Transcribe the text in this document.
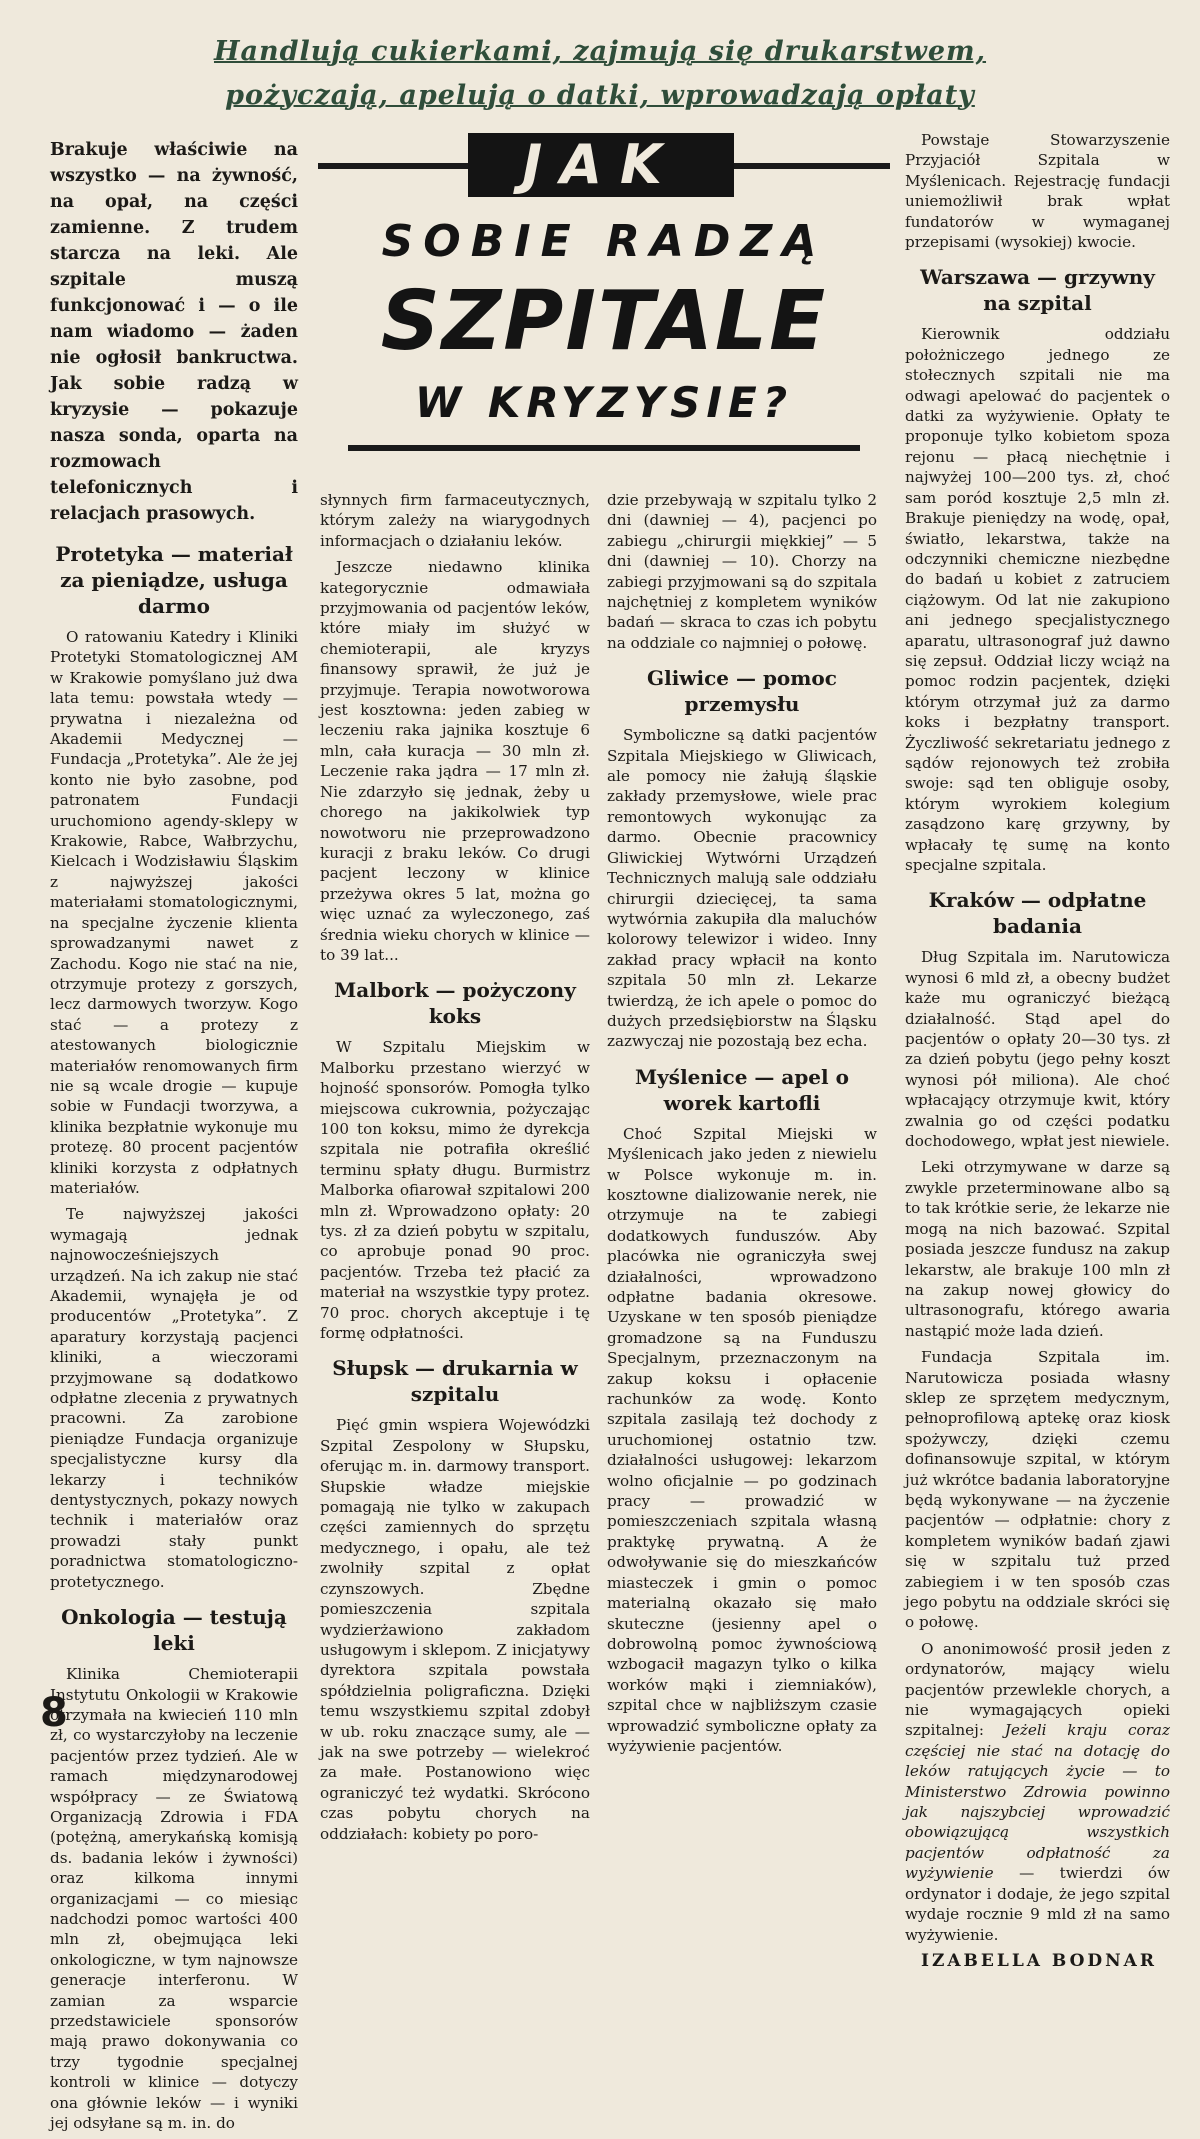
Handlują cukierkami, zajmują się drukarstwem,
pożyczają, apelują o datki, wprowadzają opłaty
JAK
SOBIE RADZĄ
SZPITALE
W KRYZYSIE?

Brakuje właściwie na wszystko — na żywność, na opał, na części zamienne. Z trudem starcza na leki. Ale szpitale muszą funkcjonować i — o ile nam wiadomo — żaden nie ogłosił bankructwa. Jak sobie radzą w kryzysie — pokazuje nasza sonda, oparta na rozmowach telefonicznych i relacjach prasowych.

Protetyka — materiał za pieniądze, usługa darmo

O ratowaniu Katedry i Kliniki Protetyki Stomatologicznej AM w Krakowie pomyślano już dwa lata temu: powstała wtedy — prywatna i niezależna od Akademii Medycznej — Fundacja „Protetyka”. Ale że jej konto nie było zasobne, pod patronatem Fundacji uruchomiono agendy-sklepy w Krakowie, Rabce, Wałbrzychu, Kielcach i Wodzisławiu Śląskim z najwyższej jakości materiałami stomatologicznymi, na specjalne życzenie klienta sprowadzanymi nawet z Zachodu. Kogo nie stać na nie, otrzymuje protezy z gorszych, lecz darmowych tworzyw. Kogo stać — a protezy z atestowanych biologicznie materiałów renomowanych firm nie są wcale drogie — kupuje sobie w Fundacji tworzywa, a klinika bezpłatnie wykonuje mu protezę. 80 procent pacjentów kliniki korzysta z odpłatnych materiałów.

Te najwyższej jakości wymagają jednak najnowocześniejszych urządzeń. Na ich zakup nie stać Akademii, wynajęła je od producentów „Protetyka”. Z aparatury korzystają pacjenci kliniki, a wieczorami przyjmowane są dodatkowo odpłatne zlecenia z prywatnych pracowni. Za zarobione pieniądze Fundacja organizuje specjalistyczne kursy dla lekarzy i techników dentystycznych, pokazy nowych technik i materiałów oraz prowadzi stały punkt poradnictwa stomatologiczno-protetycznego.

Onkologia — testują leki

Klinika Chemioterapii Instytutu Onkologii w Krakowie otrzymała na kwiecień 110 mln zł, co wystarczyłoby na leczenie pacjentów przez tydzień. Ale w ramach międzynarodowej współpracy — ze Światową Organizacją Zdrowia i FDA (potężną, amerykańską komisją ds. badania leków i żywności) oraz kilkoma innymi organizacjami — co miesiąc nadchodzi pomoc wartości 400 mln zł, obejmująca leki onkologiczne, w tym najnowsze generacje interferonu. W zamian za wsparcie przedstawiciele sponsorów mają prawo dokonywania co trzy tygodnie specjalnej kontroli w klinice — dotyczy ona głównie leków — i wyniki jej odsyłane są m. in. do

słynnych firm farmaceutycznych, którym zależy na wiarygodnych informacjach o działaniu leków.

Jeszcze niedawno klinika kategorycznie odmawiała przyjmowania od pacjentów leków, które miały im służyć w chemioterapii, ale kryzys finansowy sprawił, że już je przyjmuje. Terapia nowotworowa jest kosztowna: jeden zabieg w leczeniu raka jajnika kosztuje 6 mln, cała kuracja — 30 mln zł. Leczenie raka jądra — 17 mln zł. Nie zdarzyło się jednak, żeby u chorego na jakikolwiek typ nowotworu nie przeprowadzono kuracji z braku leków. Co drugi pacjent leczony w klinice przeżywa okres 5 lat, można go więc uznać za wyleczonego, zaś średnia wieku chorych w klinice — to 39 lat...

Malbork — pożyczony koks

W Szpitalu Miejskim w Malborku przestano wierzyć w hojność sponsorów. Pomogła tylko miejscowa cukrownia, pożyczając 100 ton koksu, mimo że dyrekcja szpitala nie potrafiła określić terminu spłaty długu. Burmistrz Malborka ofiarował szpitalowi 200 mln zł. Wprowadzono opłaty: 20 tys. zł za dzień pobytu w szpitalu, co aprobuje ponad 90 proc. pacjentów. Trzeba też płacić za materiał na wszystkie typy protez. 70 proc. chorych akceptuje i tę formę odpłatności.

Słupsk — drukarnia w szpitalu

Pięć gmin wspiera Wojewódzki Szpital Zespolony w Słupsku, oferując m. in. darmowy transport. Słupskie władze miejskie pomagają nie tylko w zakupach części zamiennych do sprzętu medycznego, i opału, ale też zwolniły szpital z opłat czynszowych. Zbędne pomieszczenia szpitala wydzierżawiono zakładom usługowym i sklepom. Z inicjatywy dyrektora szpitala powstała spółdzielnia poligraficzna. Dzięki temu wszystkiemu szpital zdobył w ub. roku znaczące sumy, ale — jak na swe potrzeby — wielekroć za małe. Postanowiono więc ograniczyć też wydatki. Skrócono czas pobytu chorych na oddziałach: kobiety po poro-

dzie przebywają w szpitalu tylko 2 dni (dawniej — 4), pacjenci po zabiegu „chirurgii miękkiej” — 5 dni (dawniej — 10). Chorzy na zabiegi przyjmowani są do szpitala najchętniej z kompletem wyników badań — skraca to czas ich pobytu na oddziale co najmniej o połowę.

Gliwice — pomoc przemysłu

Symboliczne są datki pacjentów Szpitala Miejskiego w Gliwicach, ale pomocy nie żałują śląskie zakłady przemysłowe, wiele prac remontowych wykonując za darmo. Obecnie pracownicy Gliwickiej Wytwórni Urządzeń Technicznych malują sale oddziału chirurgii dziecięcej, ta sama wytwórnia zakupiła dla maluchów kolorowy telewizor i wideo. Inny zakład pracy wpłacił na konto szpitala 50 mln zł. Lekarze twierdzą, że ich apele o pomoc do dużych przedsiębiorstw na Śląsku zazwyczaj nie pozostają bez echa.

Myślenice — apel o worek kartofli

Choć Szpital Miejski w Myślenicach jako jeden z niewielu w Polsce wykonuje m. in. kosztowne dializowanie nerek, nie otrzymuje na te zabiegi dodatkowych funduszów. Aby placówka nie ograniczyła swej działalności, wprowadzono odpłatne badania okresowe. Uzyskane w ten sposób pieniądze gromadzone są na Funduszu Specjalnym, przeznaczonym na zakup koksu i opłacenie rachunków za wodę. Konto szpitala zasilają też dochody z uruchomionej ostatnio tzw. działalności usługowej: lekarzom wolno oficjalnie — po godzinach pracy — prowadzić w pomieszczeniach szpitala własną praktykę prywatną. A że odwoływanie się do mieszkańców miasteczek i gmin o pomoc materialną okazało się mało skuteczne (jesienny apel o dobrowolną pomoc żywnościową wzbogacił magazyn tylko o kilka worków mąki i ziemniaków), szpital chce w najbliższym czasie wprowadzić symboliczne opłaty za wyżywienie pacjentów.

Powstaje Stowarzyszenie Przyjaciół Szpitala w Myślenicach. Rejestrację fundacji uniemożliwił brak wpłat fundatorów w wymaganej przepisami (wysokiej) kwocie.

Warszawa — grzywny na szpital

Kierownik oddziału położniczego jednego ze stołecznych szpitali nie ma odwagi apelować do pacjentek o datki za wyżywienie. Opłaty te proponuje tylko kobietom spoza rejonu — płacą niechętnie i najwyżej 100—200 tys. zł, choć sam poród kosztuje 2,5 mln zł. Brakuje pieniędzy na wodę, opał, światło, lekarstwa, także na odczynniki chemiczne niezbędne do badań u kobiet z zatruciem ciążowym. Od lat nie zakupiono ani jednego specjalistycznego aparatu, ultrasonograf już dawno się zepsuł. Oddział liczy wciąż na pomoc rodzin pacjentek, dzięki którym otrzymał już za darmo koks i bezpłatny transport. Życzliwość sekretariatu jednego z sądów rejonowych też zrobiła swoje: sąd ten obliguje osoby, którym wyrokiem kolegium zasądzono karę grzywny, by wpłacały tę sumę na konto specjalne szpitala.

Kraków — odpłatne badania

Dług Szpitala im. Narutowicza wynosi 6 mld zł, a obecny budżet każe mu ograniczyć bieżącą działalność. Stąd apel do pacjentów o opłaty 20—30 tys. zł za dzień pobytu (jego pełny koszt wynosi pół miliona). Ale choć wpłacający otrzymuje kwit, który zwalnia go od części podatku dochodowego, wpłat jest niewiele.

Leki otrzymywane w darze są zwykle przeterminowane albo są to tak krótkie serie, że lekarze nie mogą na nich bazować. Szpital posiada jeszcze fundusz na zakup lekarstw, ale brakuje 100 mln zł na zakup nowej głowicy do ultrasonografu, którego awaria nastąpić może lada dzień.

Fundacja Szpitala im. Narutowicza posiada własny sklep ze sprzętem medycznym, pełnoprofilową aptekę oraz kiosk spożywczy, dzięki czemu dofinansowuje szpital, w którym już wkrótce badania laboratoryjne będą wykonywane — na życzenie pacjentów — odpłatnie: chory z kompletem wyników badań zjawi się w szpitalu tuż przed zabiegiem i w ten sposób czas jego pobytu na oddziale skróci się o połowę.

O anonimowość prosił jeden z ordynatorów, mający wielu pacjentów przewlekle chorych, a nie wymagających opieki szpitalnej: Jeżeli kraju coraz częściej nie stać na dotację do leków ratujących życie — to Ministerstwo Zdrowia powinno jak najszybciej wprowadzić obowiązującą wszystkich pacjentów odpłatność za wyżywienie — twierdzi ów ordynator i dodaje, że jego szpital wydaje rocznie 9 mld zł na samo wyżywienie.

IZABELLA BODNAR

8
